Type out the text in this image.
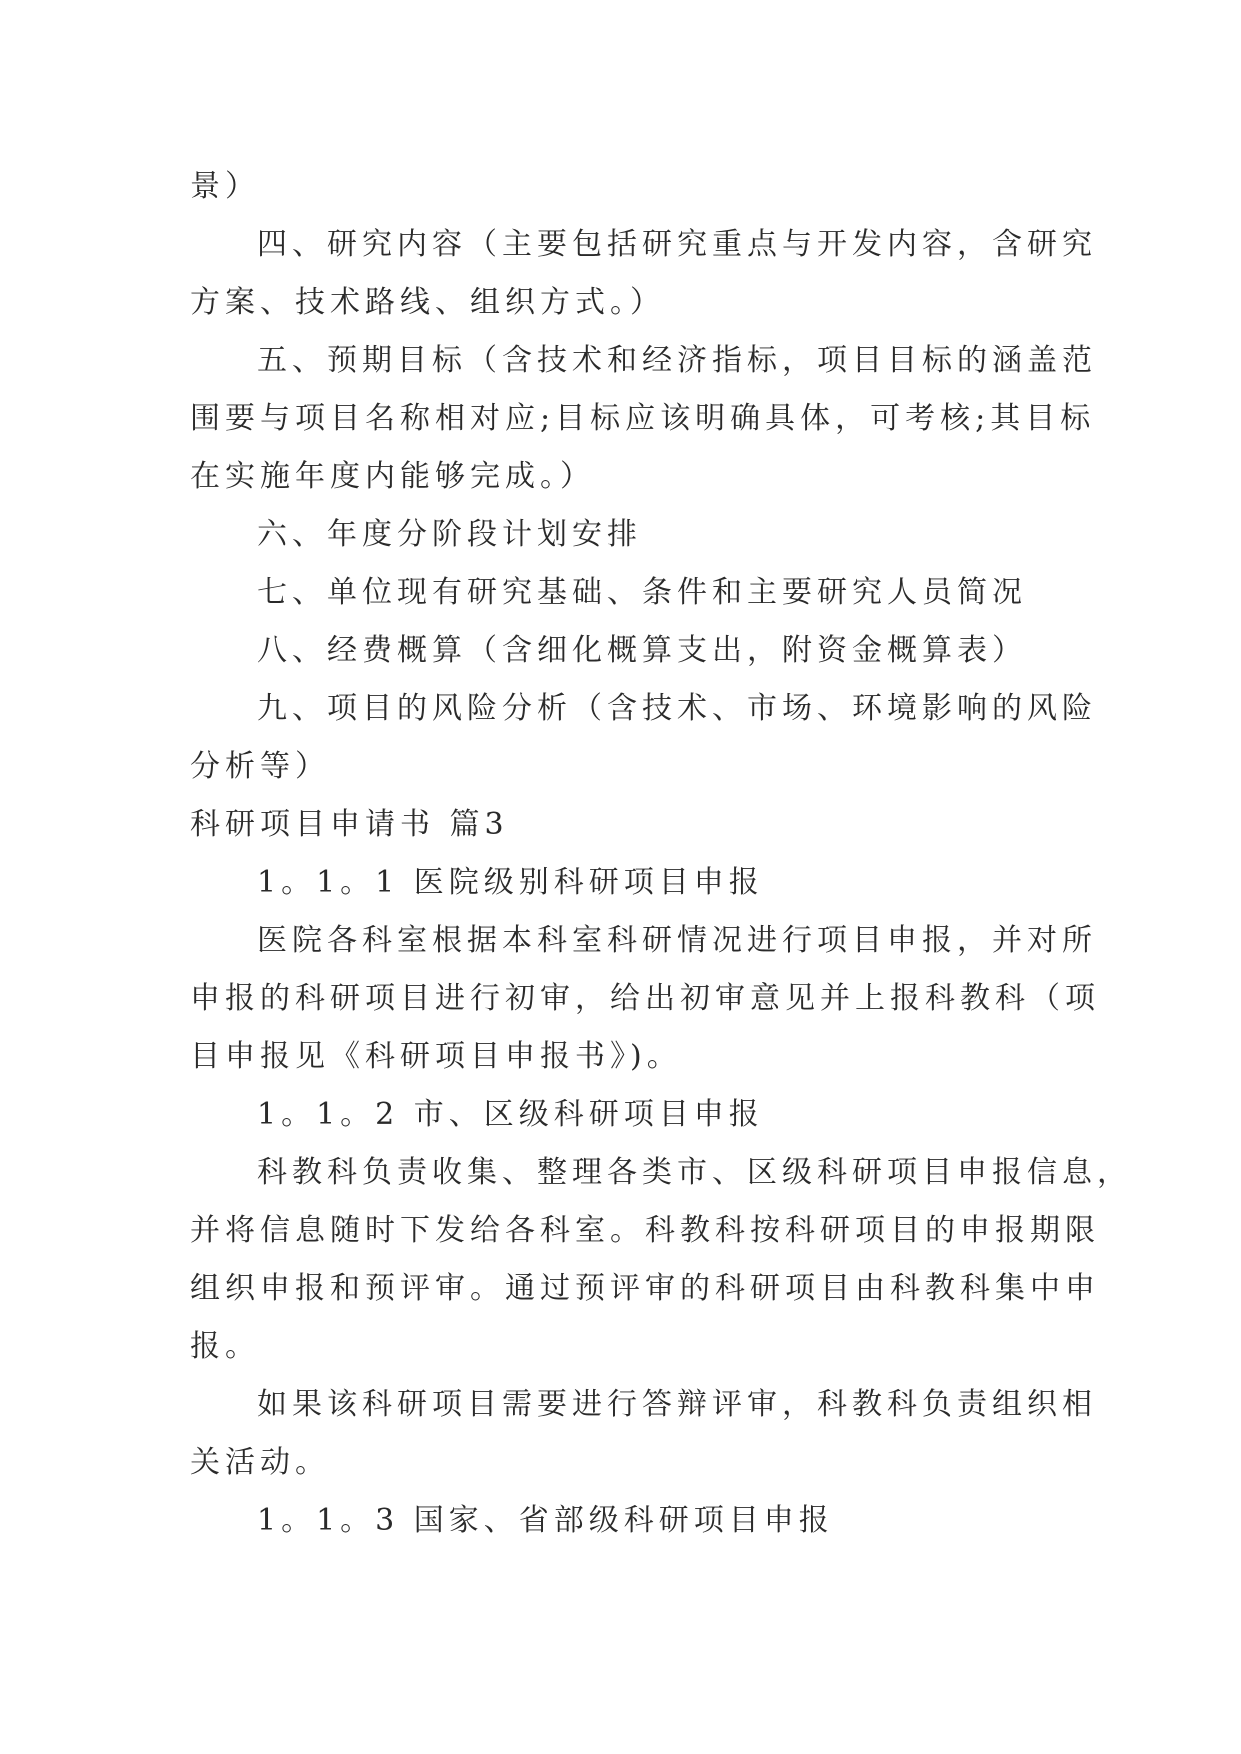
景）
四、研究内容（主要包括研究重点与开发内容，含研究
方案、技术路线、组织方式。）
五、预期目标（含技术和经济指标，项目目标的涵盖范
围要与项目名称相对应;目标应该明确具体，可考核;其目标
在实施年度内能够完成。）
六、年度分阶段计划安排
七、单位现有研究基础、条件和主要研究人员简况
八、经费概算（含细化概算支出，附资金概算表）
九、项目的风险分析（含技术、市场、环境影响的风险
分析等）
科研项目申请书 篇3
1。1。1 医院级别科研项目申报
医院各科室根据本科室科研情况进行项目申报，并对所
申报的科研项目进行初审，给出初审意见并上报科教科（项
目申报见《科研项目申报书》)。
1。1。2 市、区级科研项目申报
科教科负责收集、整理各类市、区级科研项目申报信息，
并将信息随时下发给各科室。科教科按科研项目的申报期限
组织申报和预评审。通过预评审的科研项目由科教科集中申
报。
如果该科研项目需要进行答辩评审，科教科负责组织相
关活动。
1。1。3 国家、省部级科研项目申报
